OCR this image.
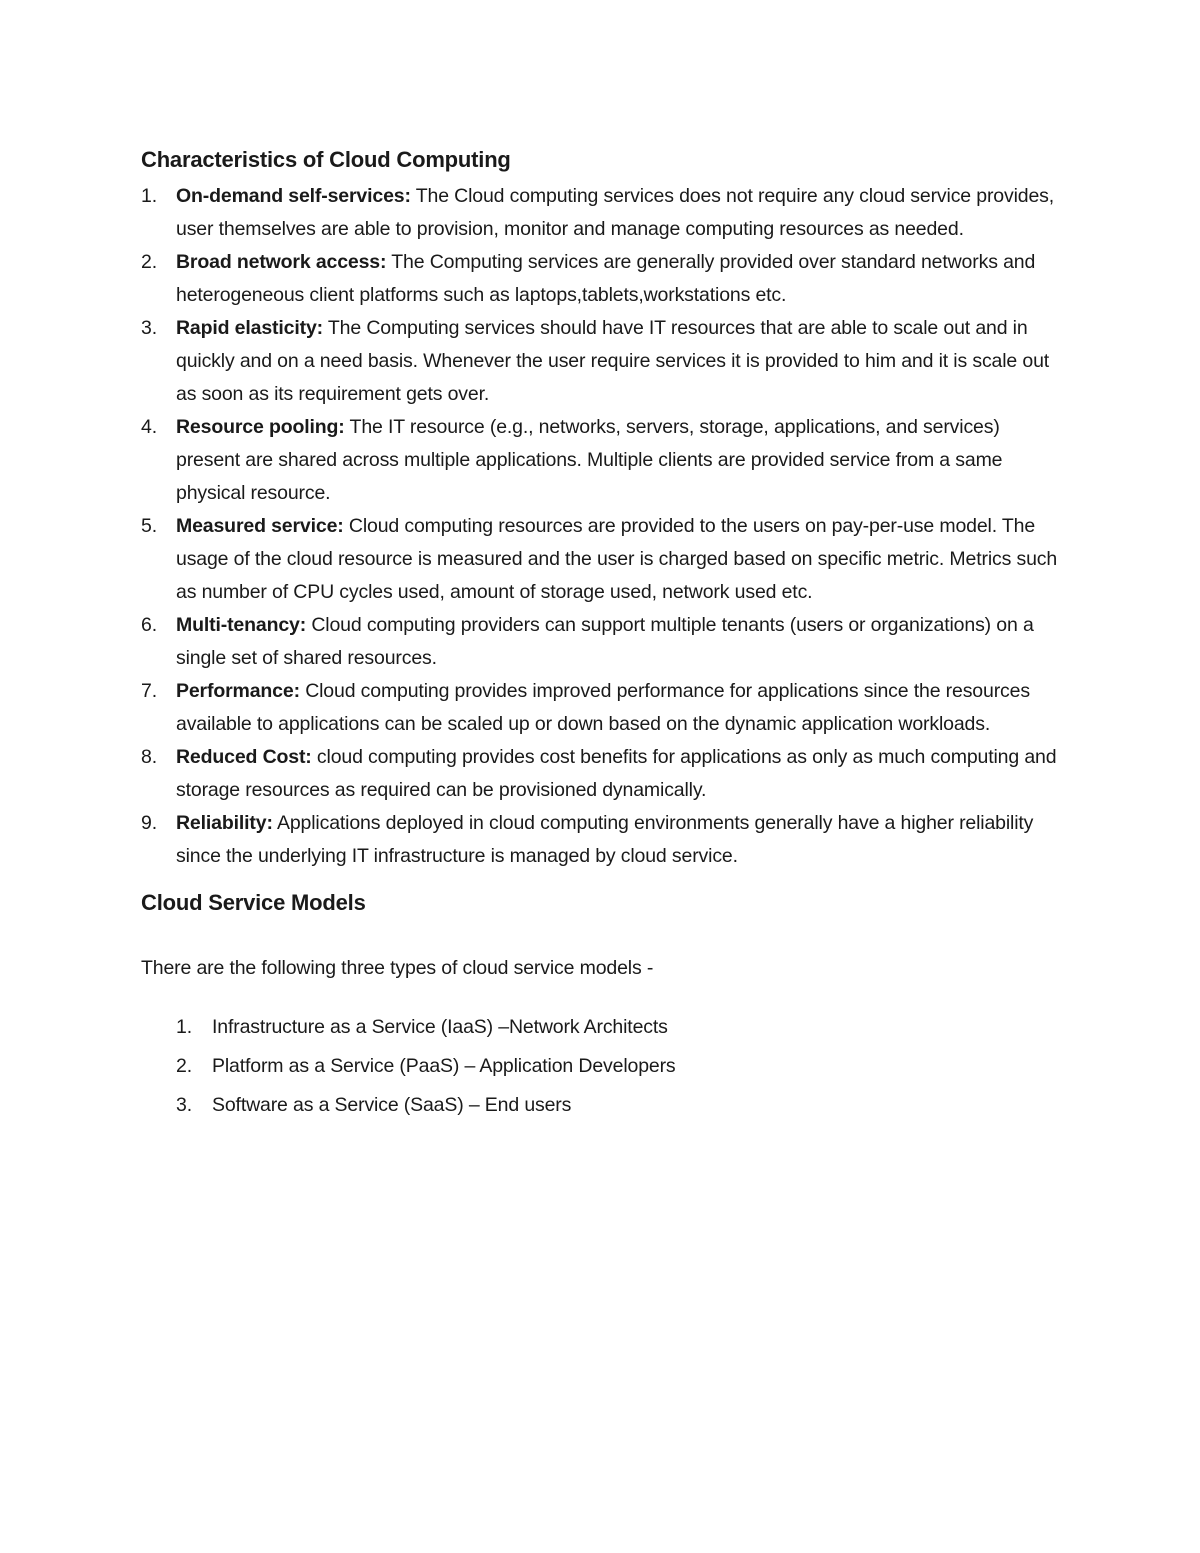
Characteristics of Cloud Computing
1. On-demand self-services: The Cloud computing services does not require any cloud service provides, user themselves are able to provision, monitor and manage computing resources as needed.
2. Broad network access: The Computing services are generally provided over standard networks and heterogeneous client platforms such as laptops,tablets,workstations etc.
3. Rapid elasticity: The Computing services should have IT resources that are able to scale out and in quickly and on a need basis. Whenever the user require services it is provided to him and it is scale out as soon as its requirement gets over.
4. Resource pooling: The IT resource (e.g., networks, servers, storage, applications, and services) present are shared across multiple applications. Multiple clients are provided service from a same physical resource.
5. Measured service: Cloud computing resources are provided to the users on pay-per-use model. The usage of the cloud resource is measured and the user is charged based on specific metric. Metrics such as number of CPU cycles used, amount of storage used, network used etc.
6. Multi-tenancy: Cloud computing providers can support multiple tenants (users or organizations) on a single set of shared resources.
7. Performance: Cloud computing provides improved performance for applications since the resources available to applications can be scaled up or down based on the dynamic application workloads.
8. Reduced Cost: cloud computing provides cost benefits for applications as only as much computing and storage resources as required can be provisioned dynamically.
9. Reliability: Applications deployed in cloud computing environments generally have a higher reliability since the underlying IT infrastructure is managed by cloud service.
Cloud Service Models

There are the following three types of cloud service models -

1. Infrastructure as a Service (IaaS) –Network Architects
2. Platform as a Service (PaaS) – Application Developers
3. Software as a Service (SaaS) – End users
